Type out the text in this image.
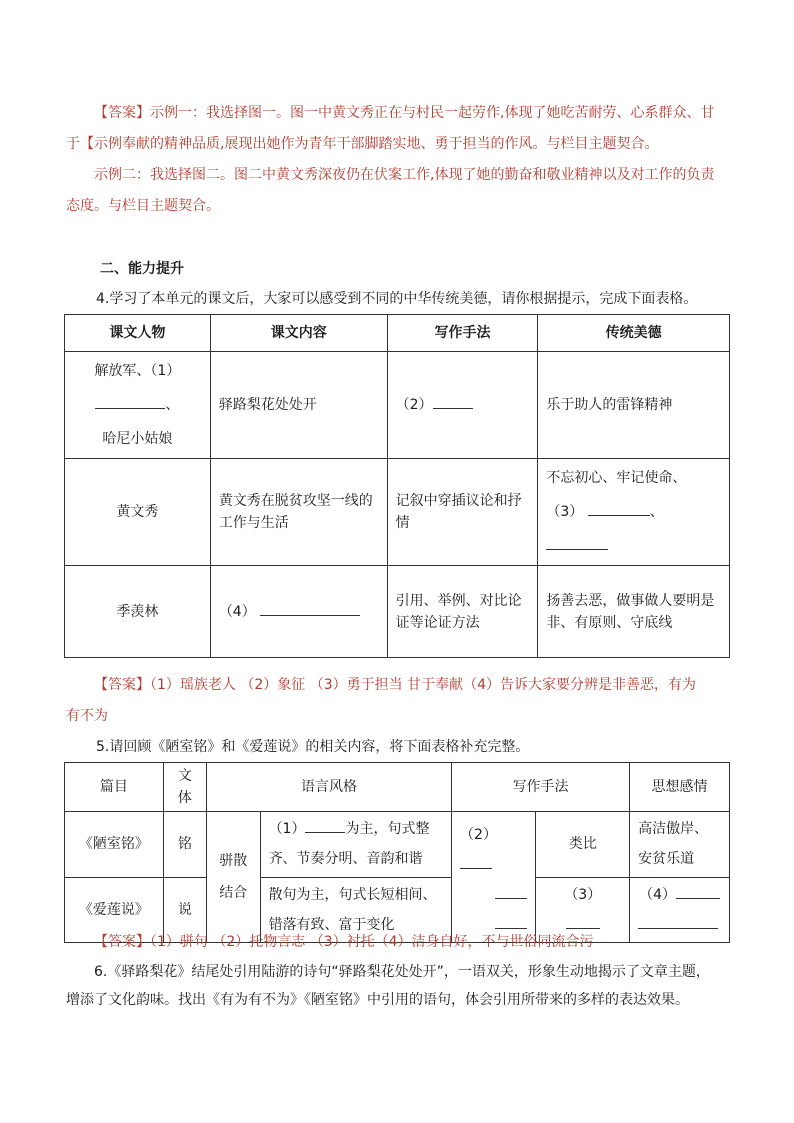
【答案】示例一：我选择图一。图一中黄文秀正在与村民一起劳作,体现了她吃苦耐劳、心系群众、甘

于【示例奉献的精神品质,展现出她作为青年干部脚踏实地、勇于担当的作风。与栏目主题契合。

示例二：我选择图二。图二中黄文秀深夜仍在伏案工作,体现了她的勤奋和敬业精神以及对工作的负责

态度。与栏目主题契合。

二、能力提升

4.学习了本单元的课文后，大家可以感受到不同的中华传统美德，请你根据提示，完成下面表格。

课文人物	课文内容	写作手法	传统美德

解放军、（1）
、
哈尼小姑娘	驿路梨花处处开	（2）	乐于助人的雷锋精神
黄文秀	黄文秀在脱贫攻坚一线的工作与生活	记叙中穿插议论和抒情	不忘初心、牢记使命、
（3） 、

季羡林	（4）	引用、举例、对比论证等论证方法	扬善去恶，做事做人要明是非、有原则、守底线

【答案】（1）瑶族老人 （2）象征 （3）勇于担当 甘于奉献（4）告诉大家要分辨是非善恶，有为

有不为

5.请回顾《陋室铭》和《爱莲说》的相关内容，将下面表格补充完整。

篇目	文体	语言风格		写作手法		思想感情
《陋室铭》	铭	骈散结合	（1） 为主，句式整齐、节奏分明、音韵和谐	（2）	类比	高洁傲岸、安贫乐道
《爱莲说》	说		散句为主，句式长短相间、错落有致、富于变化		（3）	（4）

【答案】（1）骈句 （2）托物言志 （3）衬托（4）洁身自好，不与世俗同流合污

6.《驿路梨花》结尾处引用陆游的诗句“驿路梨花处处开”，一语双关，形象生动地揭示了文章主题，

增添了文化韵味。找出《有为有不为》《陋室铭》中引用的语句，体会引用所带来的多样的表达效果。
